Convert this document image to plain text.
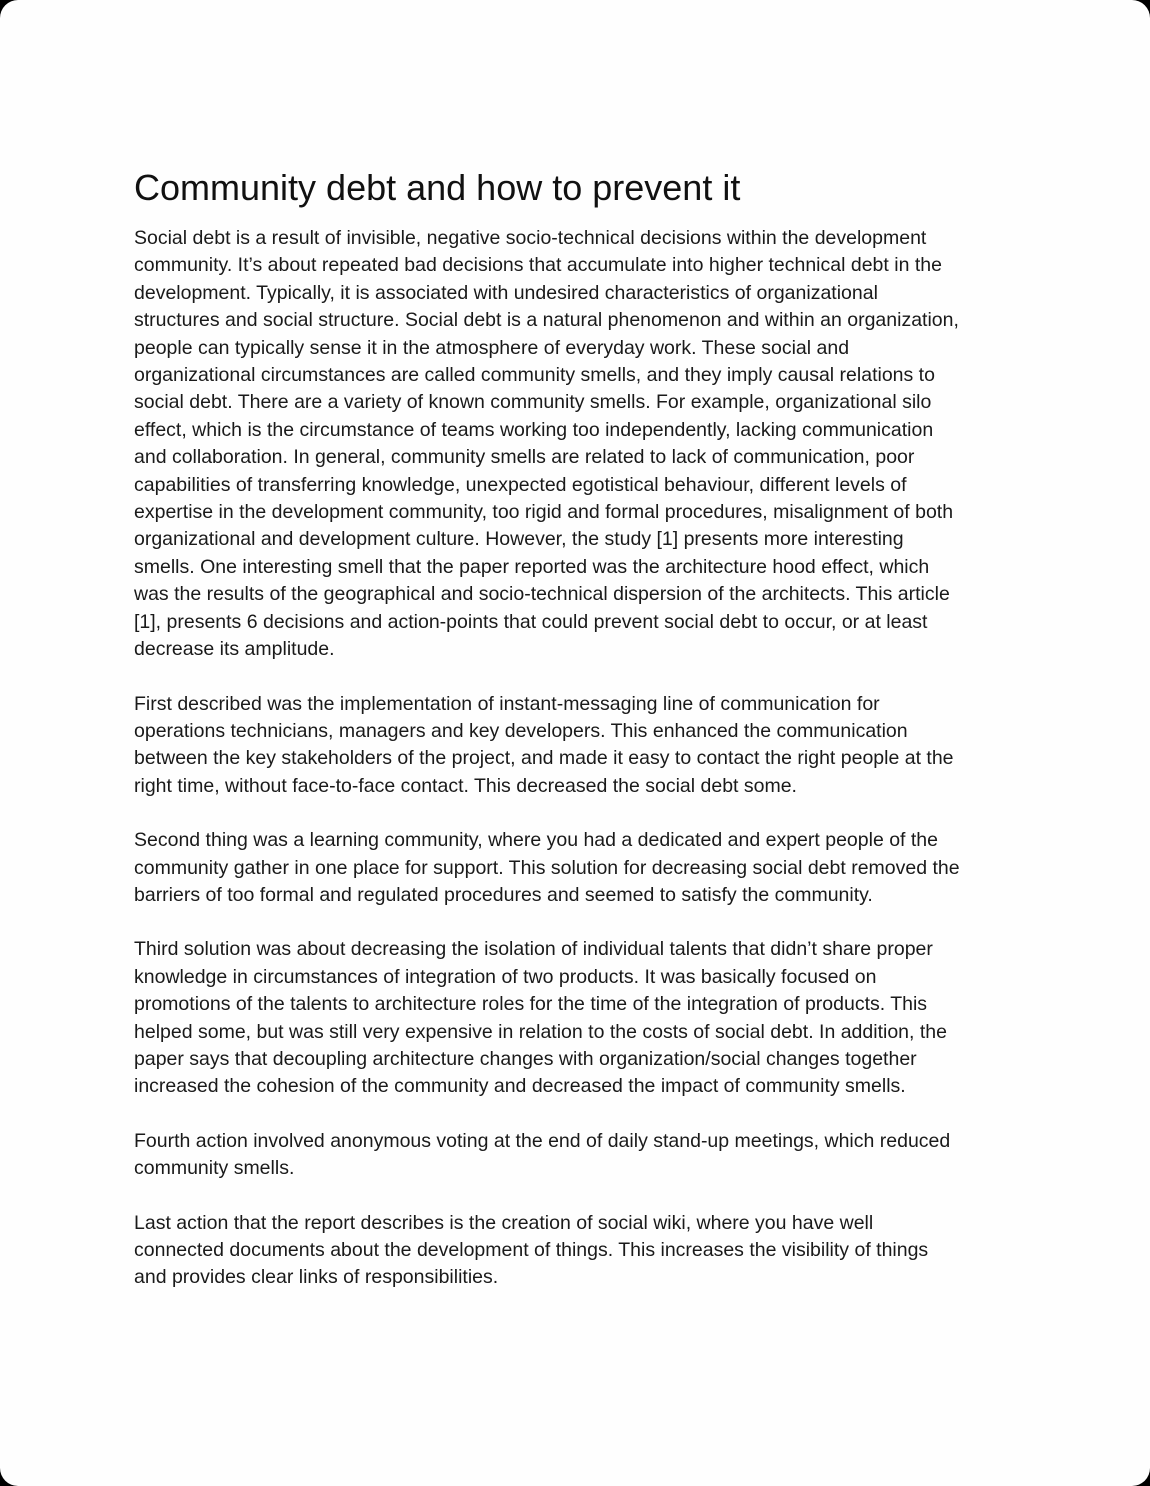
Community debt and how to prevent it

Social debt is a result of invisible, negative socio-technical decisions within the development
community. It’s about repeated bad decisions that accumulate into higher technical debt in the
development. Typically, it is associated with undesired characteristics of organizational
structures and social structure. Social debt is a natural phenomenon and within an organization,
people can typically sense it in the atmosphere of everyday work. These social and
organizational circumstances are called community smells, and they imply causal relations to
social debt. There are a variety of known community smells. For example, organizational silo
effect, which is the circumstance of teams working too independently, lacking communication
and collaboration. In general, community smells are related to lack of communication, poor
capabilities of transferring knowledge, unexpected egotistical behaviour, different levels of
expertise in the development community, too rigid and formal procedures, misalignment of both
organizational and development culture. However, the study [1] presents more interesting
smells. One interesting smell that the paper reported was the architecture hood effect, which
was the results of the geographical and socio-technical dispersion of the architects. This article
[1], presents 6 decisions and action-points that could prevent social debt to occur, or at least
decrease its amplitude.

First described was the implementation of instant-messaging line of communication for
operations technicians, managers and key developers. This enhanced the communication
between the key stakeholders of the project, and made it easy to contact the right people at the
right time, without face-to-face contact. This decreased the social debt some.

Second thing was a learning community, where you had a dedicated and expert people of the
community gather in one place for support. This solution for decreasing social debt removed the
barriers of too formal and regulated procedures and seemed to satisfy the community.

Third solution was about decreasing the isolation of individual talents that didn’t share proper
knowledge in circumstances of integration of two products. It was basically focused on
promotions of the talents to architecture roles for the time of the integration of products. This
helped some, but was still very expensive in relation to the costs of social debt. In addition, the
paper says that decoupling architecture changes with organization/social changes together
increased the cohesion of the community and decreased the impact of community smells.

Fourth action involved anonymous voting at the end of daily stand-up meetings, which reduced
community smells.

Last action that the report describes is the creation of social wiki, where you have well
connected documents about the development of things. This increases the visibility of things
and provides clear links of responsibilities.
